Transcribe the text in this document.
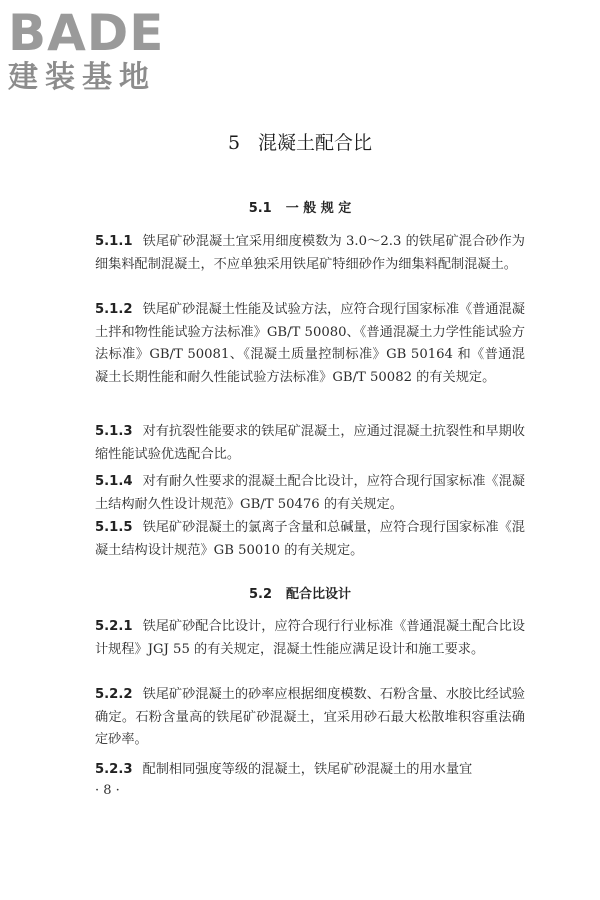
BADE
建装基地
5 混凝土配合比
5.1 一 般 规 定
5.1.1 铁尾矿砂混凝土宜采用细度模数为 3.0～2.3 的铁尾矿混合砂作为细集料配制混凝土，不应单独采用铁尾矿特细砂作为细集料配制混凝土。
5.1.2 铁尾矿砂混凝土性能及试验方法，应符合现行国家标准《普通混凝土拌和物性能试验方法标准》GB/T 50080、《普通混凝土力学性能试验方法标准》GB/T 50081、《混凝土质量控制标准》GB 50164 和《普通混凝土长期性能和耐久性能试验方法标准》GB/T 50082 的有关规定。
5.1.3 对有抗裂性能要求的铁尾矿混凝土，应通过混凝土抗裂性和早期收缩性能试验优选配合比。
5.1.4 对有耐久性要求的混凝土配合比设计，应符合现行国家标准《混凝土结构耐久性设计规范》GB/T 50476 的有关规定。
5.1.5 铁尾矿砂混凝土的氯离子含量和总碱量，应符合现行国家标准《混凝土结构设计规范》GB 50010 的有关规定。
5.2 配合比设计
5.2.1 铁尾矿砂配合比设计，应符合现行行业标准《普通混凝土配合比设计规程》JGJ 55 的有关规定，混凝土性能应满足设计和施工要求。
5.2.2 铁尾矿砂混凝土的砂率应根据细度模数、石粉含量、水胶比经试验确定。石粉含量高的铁尾矿砂混凝土，宜采用砂石最大松散堆积容重法确定砂率。
5.2.3 配制相同强度等级的混凝土，铁尾矿砂混凝土的用水量宜
· 8 ·
